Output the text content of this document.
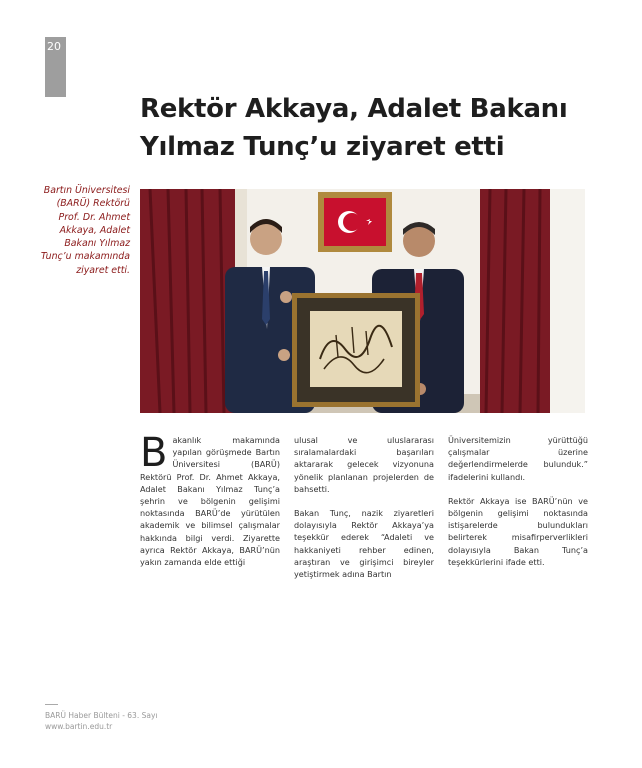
20
Rektör Akkaya, Adalet Bakanı
Yılmaz Tunç’u ziyaret etti
Bartın Üniversitesi (BARÜ) Rektörü Prof. Dr. Ahmet Akkaya, Adalet Bakanı Yılmaz Tunç’u makamında ziyaret etti.
B akanlık makamında yapılan görüşmede Bartın Üniversitesi (BARÜ) Rektörü Prof. Dr. Ahmet Akkaya, Adalet Bakanı Yılmaz Tunç’a şehrin ve bölgenin gelişimi noktasında BARÜ’de yürütülen akademik ve bilimsel çalışmalar hakkında bilgi verdi. Ziyarette ayrıca Rektör Akkaya, BARÜ’nün yakın zamanda elde ettiği

ulusal ve uluslararası sıralamalardaki başarıları aktararak gelecek vizyonuna yönelik planlanan projelerden de bahsetti.

Bakan Tunç, nazik ziyaretleri dolayısıyla Rektör Akkaya’ya teşekkür ederek “Adaleti ve hakkaniyeti rehber edinen, araştıran ve girişimci bireyler yetiştirmek adına Bartın

Üniversitemizin yürüttüğü çalışmalar üzerine değerlendirmelerde bulunduk.” ifadelerini kullandı.

Rektör Akkaya ise BARÜ’nün ve bölgenin gelişimi noktasında istişarelerde bulundukları belirterek misafirperverlikleri dolayısıyla Bakan Tunç’a teşekkürlerini ifade etti.

BARÜ Haber Bülteni - 63. Sayı
www.bartin.edu.tr
